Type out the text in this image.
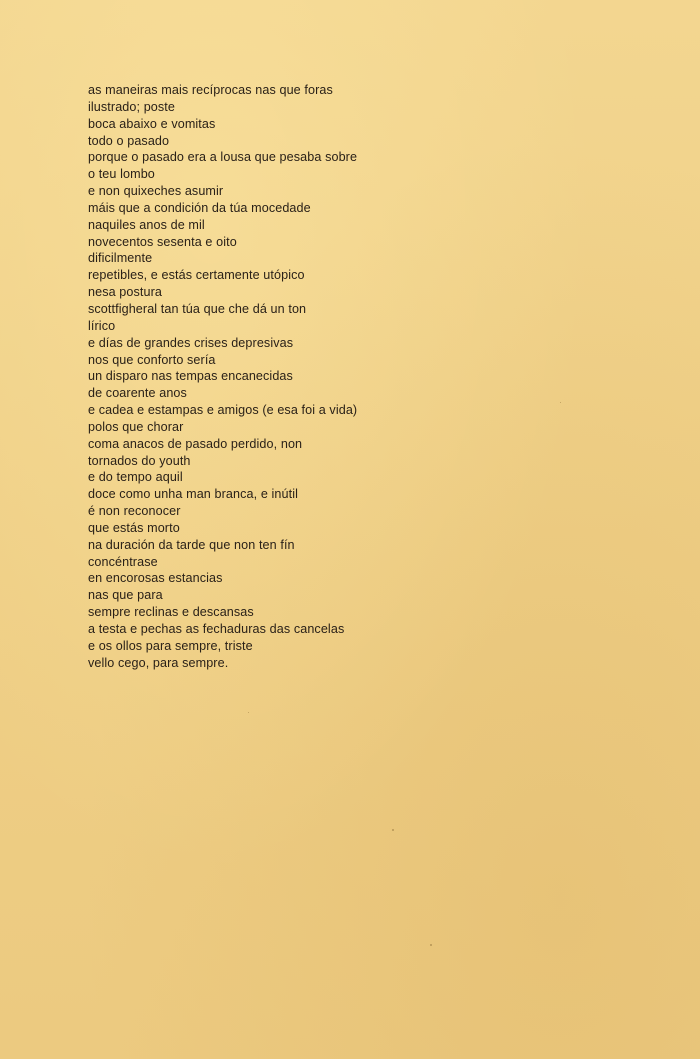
as maneiras mais recíprocas nas que foras
ilustrado; poste
boca abaixo e vomitas
todo o pasado
porque o pasado era a lousa que pesaba sobre
o teu lombo
e non quixeches asumir
máis que a condición da túa mocedade
naquiles anos de mil
novecentos sesenta e oito
dificilmente
repetibles, e estás certamente utópico
nesa postura
scottfigheral tan túa que che dá un ton
lírico
e días de grandes crises depresivas
nos que conforto sería
un disparo nas tempas encanecidas
de coarente anos
e cadea e estampas e amigos (e esa foi a vida)
polos que chorar
coma anacos de pasado perdido, non
tornados do youth
e do tempo aquil
doce como unha man branca, e inútil
é non reconocer
que estás morto
na duración da tarde que non ten fín
concéntrase
en encorosas estancias
nas que para
sempre reclinas e descansas
a testa e pechas as fechaduras das cancelas
e os ollos para sempre, triste
vello cego, para sempre.
